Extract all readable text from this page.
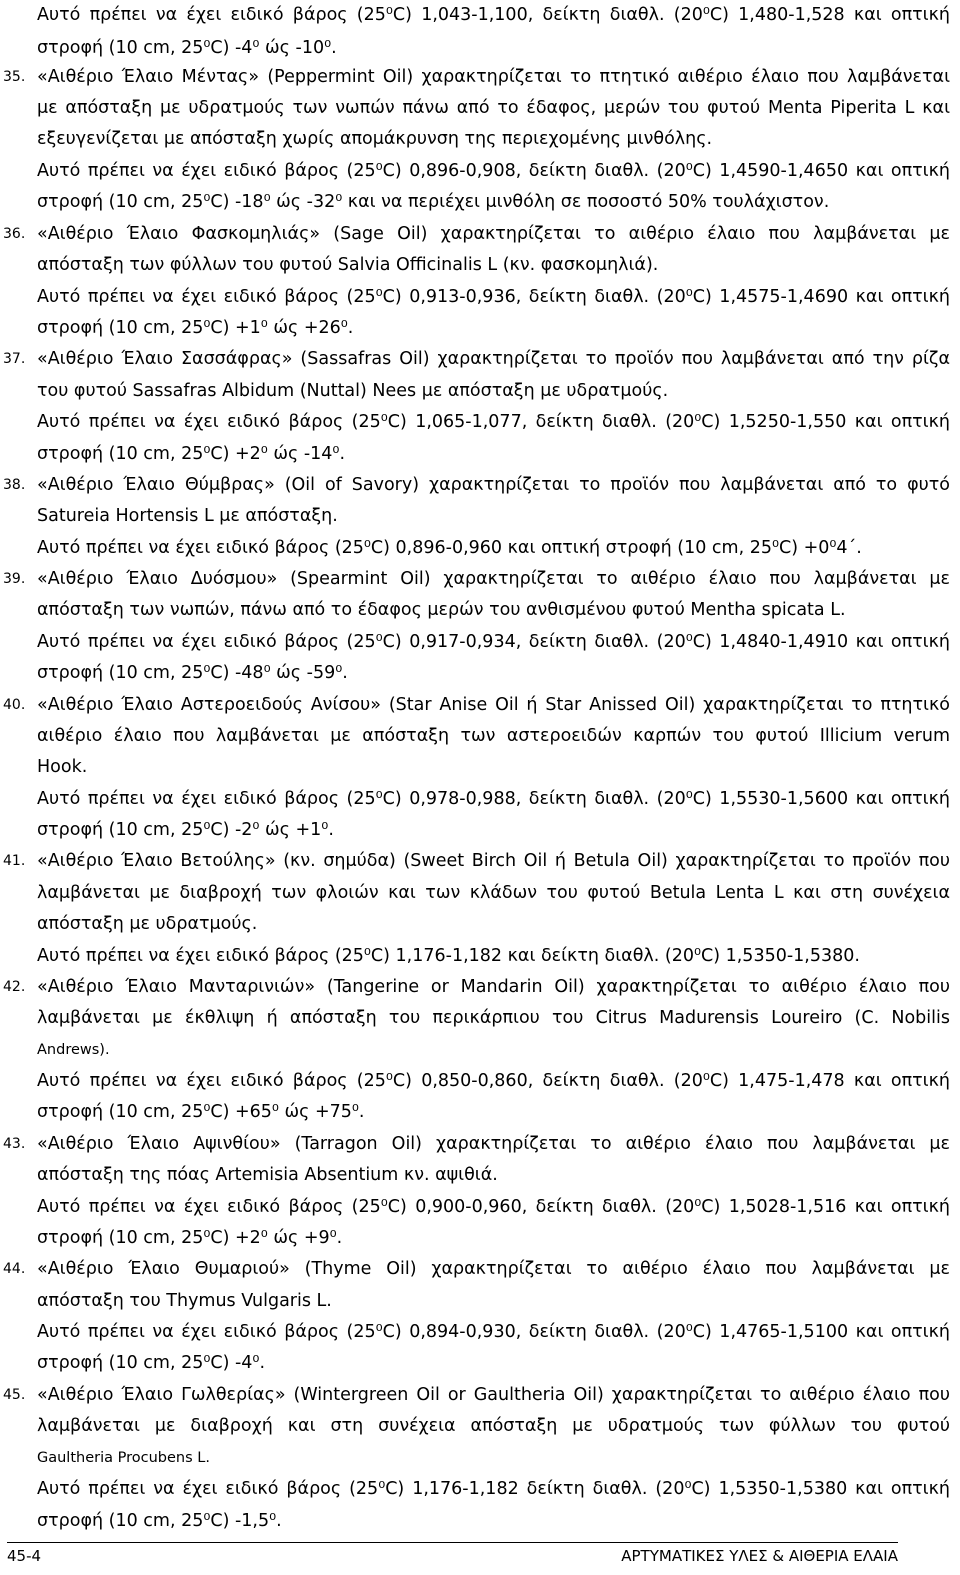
Αυτό πρέπει να έχει ειδικό βάρος (25⁰C) 1,043-1,100, δείκτη διαθλ. (20⁰C) 1,480-1,528 και οπτική
στροφή (10 cm, 25⁰C) -4⁰ ώς -10⁰.
35. «Αιθέριο Έλαιο Μέντας» (Peppermint Oil) χαρακτηρίζεται το πτητικό αιθέριο έλαιο που λαμβάνεται
με απόσταξη με υδρατμούς των νωπών πάνω από το έδαφος, μερών του φυτού Menta Piperita L και
εξευγενίζεται με απόσταξη χωρίς απομάκρυνση της περιεχομένης μινθόλης.
Αυτό πρέπει να έχει ειδικό βάρος (25⁰C) 0,896-0,908, δείκτη διαθλ. (20⁰C) 1,4590-1,4650 και οπτική
στροφή (10 cm, 25⁰C) -18⁰ ώς -32⁰ και να περιέχει μινθόλη σε ποσοστό 50% τουλάχιστον.
36. «Αιθέριο Έλαιο Φασκομηλιάς» (Sage Oil) χαρακτηρίζεται το αιθέριο έλαιο που λαμβάνεται με
απόσταξη των φύλλων του φυτού Salvia Officinalis L (κν. φασκομηλιά).
Αυτό πρέπει να έχει ειδικό βάρος (25⁰C) 0,913-0,936, δείκτη διαθλ. (20⁰C) 1,4575-1,4690 και οπτική
στροφή (10 cm, 25⁰C) +1⁰ ώς +26⁰.
37. «Αιθέριο Έλαιο Σασσάφρας» (Sassafras Oil) χαρακτηρίζεται το προϊόν που λαμβάνεται από την ρίζα
του φυτού Sassafras Albidum (Nuttal) Nees με απόσταξη με υδρατμούς.
Αυτό πρέπει να έχει ειδικό βάρος (25⁰C) 1,065-1,077, δείκτη διαθλ. (20⁰C) 1,5250-1,550 και οπτική
στροφή (10 cm, 25⁰C) +2⁰ ώς -14⁰.
38. «Αιθέριο Έλαιο Θύμβρας» (Oil of Savory) χαρακτηρίζεται το προϊόν που λαμβάνεται από το φυτό
Satureia Hortensis L με απόσταξη.
Αυτό πρέπει να έχει ειδικό βάρος (25⁰C) 0,896-0,960 και οπτική στροφή (10 cm, 25⁰C) +0⁰4΄.
39. «Αιθέριο Έλαιο Δυόσμου» (Spearmint Oil) χαρακτηρίζεται το αιθέριο έλαιο που λαμβάνεται με
απόσταξη των νωπών, πάνω από το έδαφος μερών του ανθισμένου φυτού Mentha spicata L.
Αυτό πρέπει να έχει ειδικό βάρος (25⁰C) 0,917-0,934, δείκτη διαθλ. (20⁰C) 1,4840-1,4910 και οπτική
στροφή (10 cm, 25⁰C) -48⁰ ώς -59⁰.
40. «Αιθέριο Έλαιο Αστεροειδούς Ανίσου» (Star Anise Oil ή Star Anissed Oil) χαρακτηρίζεται το πτητικό
αιθέριο έλαιο που λαμβάνεται με απόσταξη των αστεροειδών καρπών του φυτού Illicium verum
Hook.
Αυτό πρέπει να έχει ειδικό βάρος (25⁰C) 0,978-0,988, δείκτη διαθλ. (20⁰C) 1,5530-1,5600 και οπτική
στροφή (10 cm, 25⁰C) -2⁰ ώς +1⁰.
41. «Αιθέριο Έλαιο Βετούλης» (κν. σημύδα) (Sweet Birch Oil ή Betula Oil) χαρακτηρίζεται το προϊόν που
λαμβάνεται με διαβροχή των φλοιών και των κλάδων του φυτού Betula Lenta L και στη συνέχεια
απόσταξη με υδρατμούς.
Αυτό πρέπει να έχει ειδικό βάρος (25⁰C) 1,176-1,182 και δείκτη διαθλ. (20⁰C) 1,5350-1,5380.
42. «Αιθέριο Έλαιο Μανταρινιών» (Tangerine or Mandarin Oil) χαρακτηρίζεται το αιθέριο έλαιο που
λαμβάνεται με έκθλιψη ή απόσταξη του περικάρπιου του Citrus Madurensis Loureiro (C. Nobilis
Andrews).
Αυτό πρέπει να έχει ειδικό βάρος (25⁰C) 0,850-0,860, δείκτη διαθλ. (20⁰C) 1,475-1,478 και οπτική
στροφή (10 cm, 25⁰C) +65⁰ ώς +75⁰.
43. «Αιθέριο Έλαιο Αψινθίου» (Tarragon Oil) χαρακτηρίζεται το αιθέριο έλαιο που λαμβάνεται με
απόσταξη της πόας Artemisia Absentium κν. αψιθιά.
Αυτό πρέπει να έχει ειδικό βάρος (25⁰C) 0,900-0,960, δείκτη διαθλ. (20⁰C) 1,5028-1,516 και οπτική
στροφή (10 cm, 25⁰C) +2⁰ ώς +9⁰.
44. «Αιθέριο Έλαιο Θυμαριού» (Thyme Oil) χαρακτηρίζεται το αιθέριο έλαιο που λαμβάνεται με
απόσταξη του Thymus Vulgaris L.
Αυτό πρέπει να έχει ειδικό βάρος (25⁰C) 0,894-0,930, δείκτη διαθλ. (20⁰C) 1,4765-1,5100 και οπτική
στροφή (10 cm, 25⁰C) -4⁰.
45. «Αιθέριο Έλαιο Γωλθερίας» (Wintergreen Oil or Gaultheria Oil) χαρακτηρίζεται το αιθέριο έλαιο που
λαμβάνεται με διαβροχή και στη συνέχεια απόσταξη με υδρατμούς των φύλλων του φυτού
Gaultheria Procubens L.
Αυτό πρέπει να έχει ειδικό βάρος (25⁰C) 1,176-1,182 δείκτη διαθλ. (20⁰C) 1,5350-1,5380 και οπτική
στροφή (10 cm, 25⁰C) -1,5⁰.
45-4	ΑΡΤΥΜΑΤΙΚΕΣ ΥΛΕΣ & ΑΙΘΕΡΙΑ ΕΛΑΙΑ
